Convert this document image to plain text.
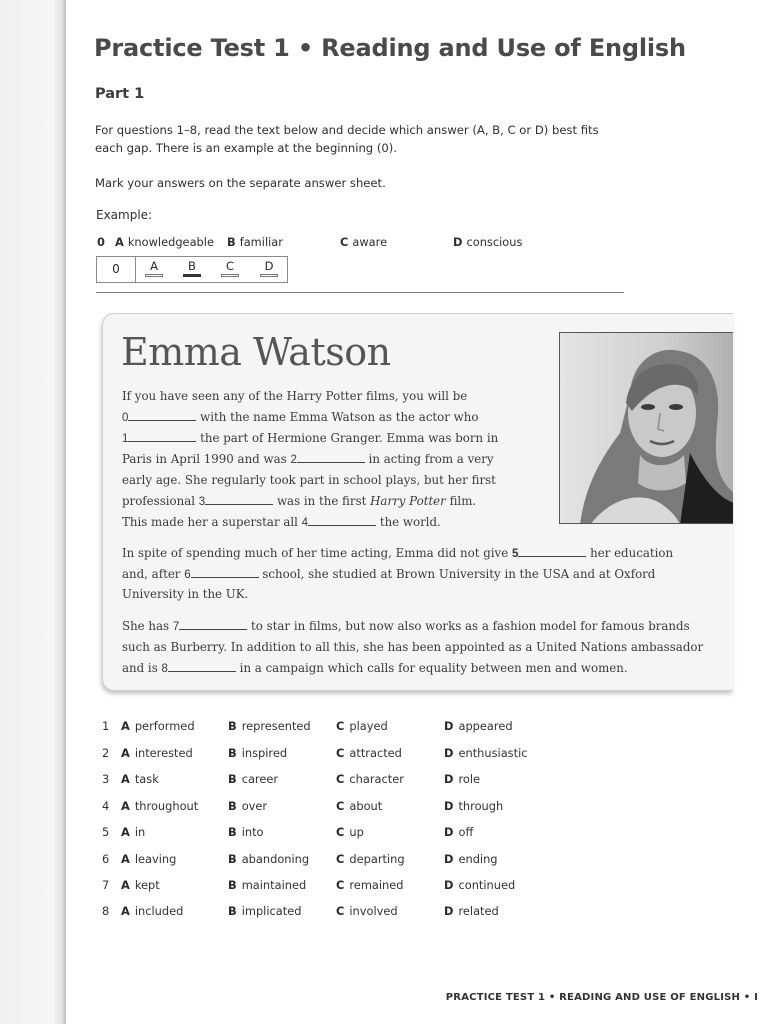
Practice Test 1 • Reading and Use of English
Part 1
For questions 1–8, read the text below and decide which answer (A, B, C or D) best fits
each gap. There is an example at the beginning (0).
Mark your answers on the separate answer sheet.
Example:
0 A knowledgeable B familiar	C aware	D conscious
0	A	B	C	D
Emma Watson
If you have seen any of the Harry Potter films, you will be
0	with the name Emma Watson as the actor who
1	the part of Hermione Granger. Emma was born in
Paris in April 1990 and was 2	in acting from a very
early age. She regularly took part in school plays, but her first
professional 3	was in the first Harry Potter film.
This made her a superstar all 4	the world.
In spite of spending much of her time acting, Emma did not give 5	her education
and, after 6	school, she studied at Brown University in the USA and at Oxford
University in the UK.
She has 7	to star in films, but now also works as a fashion model for famous brands
such as Burberry. In addition to all this, she has been appointed as a United Nations ambassador
and is 8	in a campaign which calls for equality between men and women.
1 A performed	B represented C played	D appeared
2 A interested	B inspired	C attracted	D enthusiastic
3 A task	B career	C character	D role
4 A throughout	B over	C about	D through
5 A in	B into	C up	D off
6 A leaving	B abandoning C departing	D ending
7 A kept	B maintained	C remained	D continued
8 A included	B implicated	C involved	D related
PRACTICE TEST 1 • READING AND USE OF ENGLISH • I
